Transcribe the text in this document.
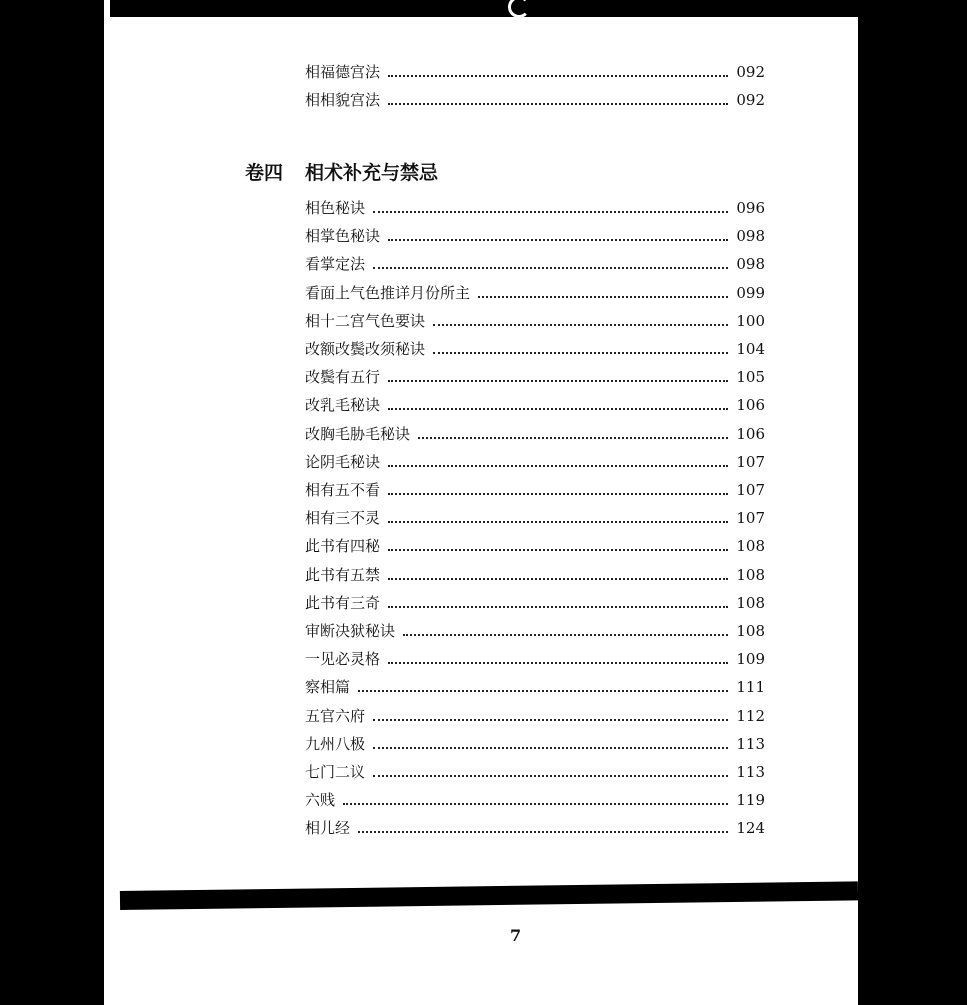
相福德宫法	092
相相貌宫法	092
卷四 相术补充与禁忌
相色秘诀	096
相掌色秘诀	098
看掌定法	098
看面上气色推详月份所主	099
相十二宫气色要诀	100
改额改鬓改须秘诀	104
改鬓有五行	105
改乳毛秘诀	106
改胸毛胁毛秘诀	106
论阴毛秘诀	107
相有五不看	107
相有三不灵	107
此书有四秘	108
此书有五禁	108
此书有三奇	108
审断决狱秘诀	108
一见必灵格	109
察相篇	111
五官六府	112
九州八极	113
七门二议	113
六贱	119
相儿经	124
7
